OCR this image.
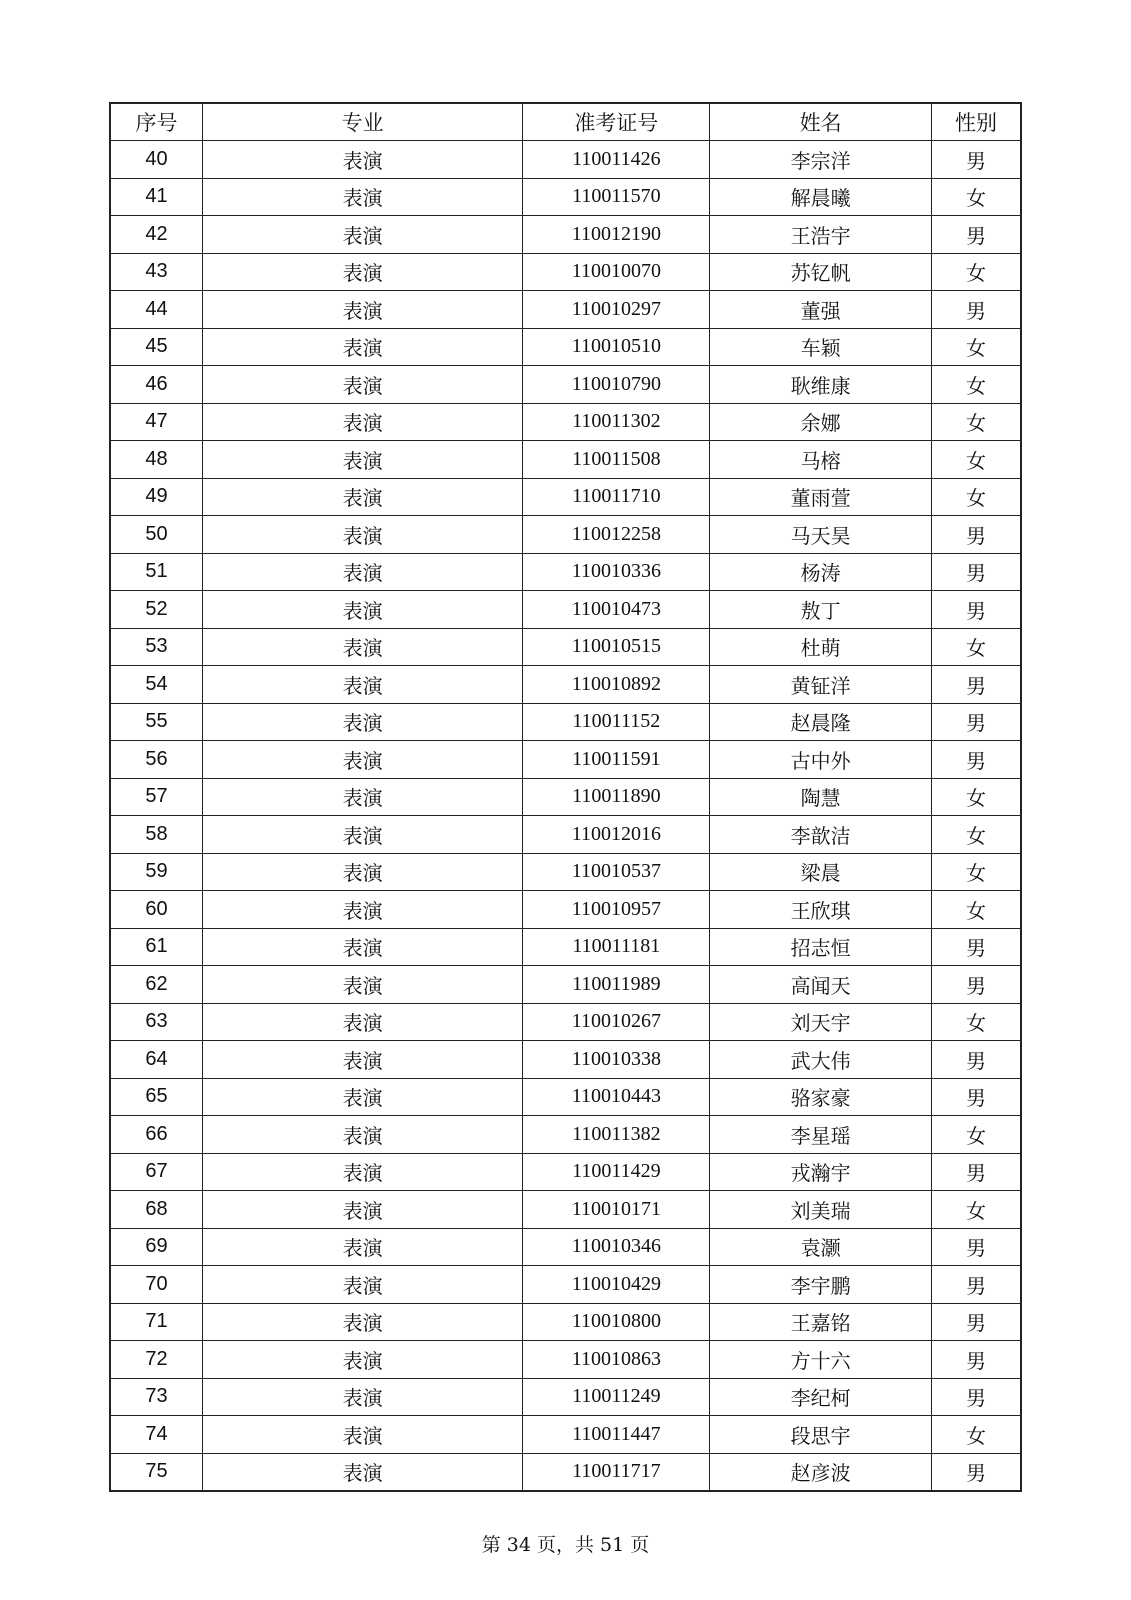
序号	专业	准考证号	姓名	性别
40	表演	110011426	李宗洋	男
41	表演	110011570	解晨曦	女
42	表演	110012190	王浩宇	男
43	表演	110010070	苏钇帆	女
44	表演	110010297	董强	男
45	表演	110010510	车颖	女
46	表演	110010790	耿维康	女
47	表演	110011302	余娜	女
48	表演	110011508	马榕	女
49	表演	110011710	董雨萱	女
50	表演	110012258	马天昊	男
51	表演	110010336	杨涛	男
52	表演	110010473	敖丁	男
53	表演	110010515	杜萌	女
54	表演	110010892	黄钲洋	男
55	表演	110011152	赵晨隆	男
56	表演	110011591	古中外	男
57	表演	110011890	陶慧	女
58	表演	110012016	李歆洁	女
59	表演	110010537	梁晨	女
60	表演	110010957	王欣琪	女
61	表演	110011181	招志恒	男
62	表演	110011989	高闻天	男
63	表演	110010267	刘天宇	女
64	表演	110010338	武大伟	男
65	表演	110010443	骆家豪	男
66	表演	110011382	李星瑶	女
67	表演	110011429	戎瀚宇	男
68	表演	110010171	刘美瑞	女
69	表演	110010346	袁灏	男
70	表演	110010429	李宇鹏	男
71	表演	110010800	王嘉铭	男
72	表演	110010863	方十六	男
73	表演	110011249	李纪柯	男
74	表演	110011447	段思宇	女
75	表演	110011717	赵彦波	男
第 34 页，共 51 页
